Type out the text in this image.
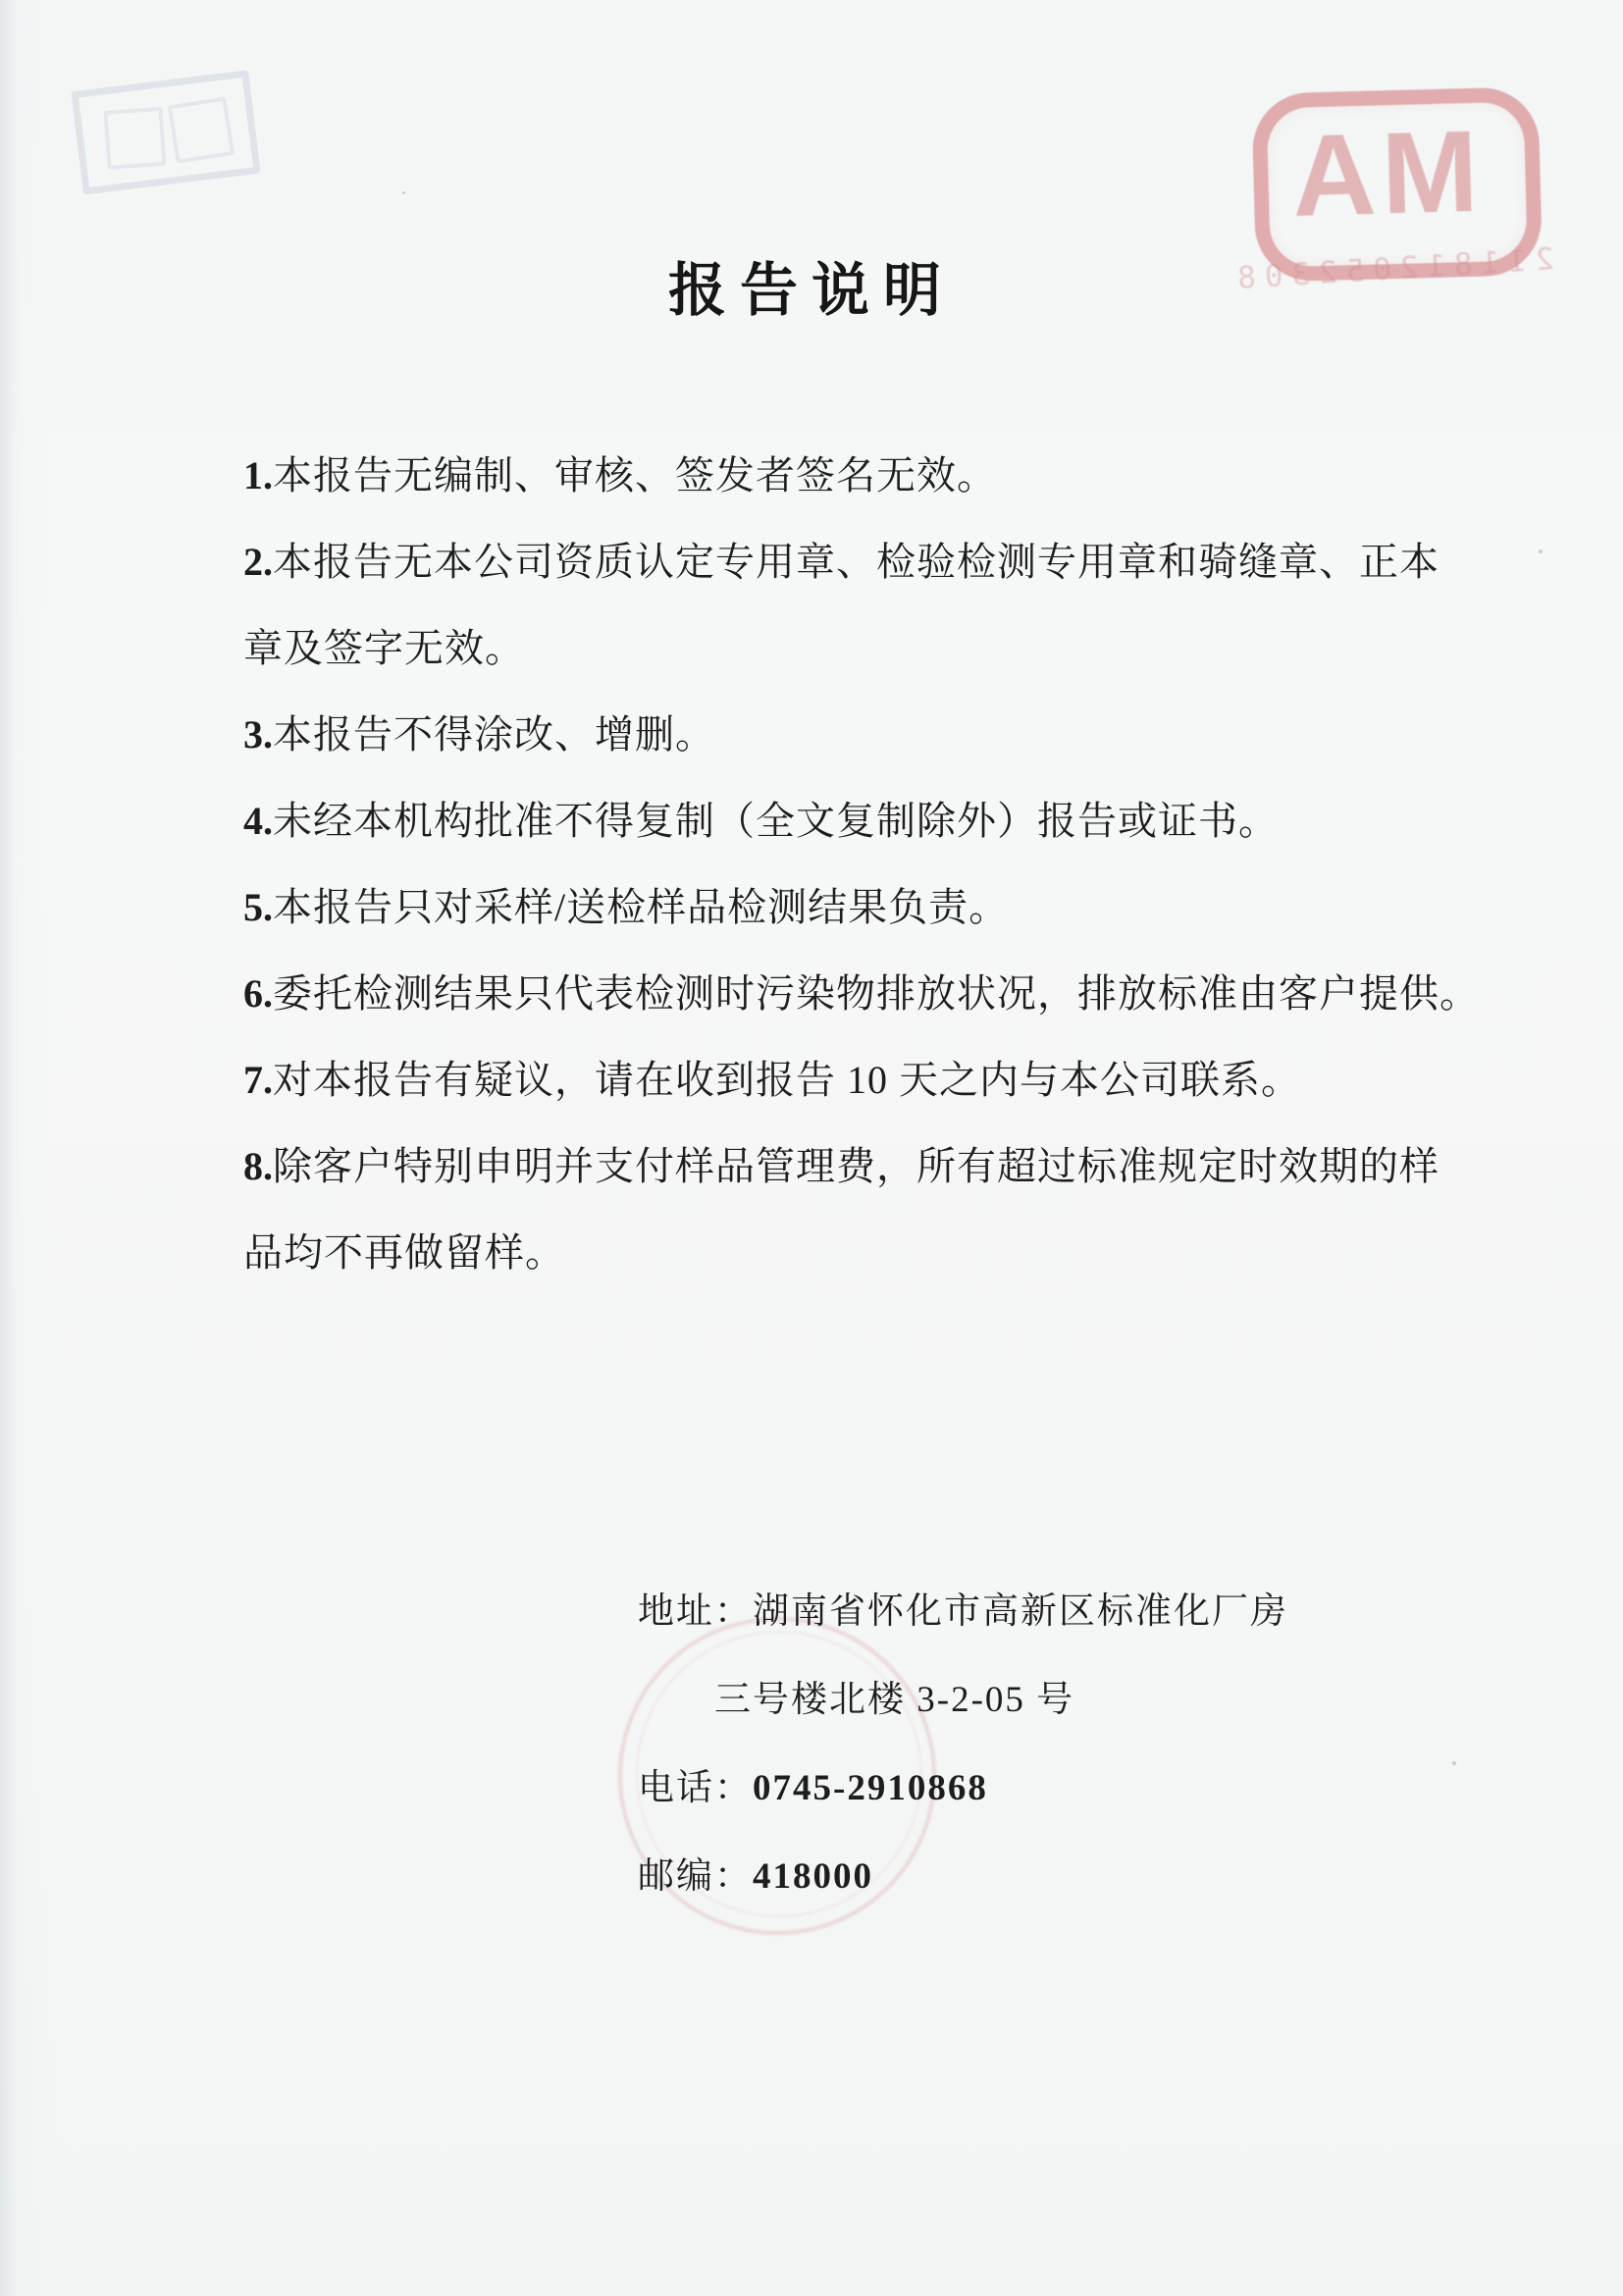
MA
211812052308
报告说明
1.本报告无编制、审核、签发者签名无效。
2.本报告无本公司资质认定专用章、检验检测专用章和骑缝章、正本
章及签字无效。
3.本报告不得涂改、增删。
4.未经本机构批准不得复制（全文复制除外）报告或证书。
5.本报告只对采样/送检样品检测结果负责。
6.委托检测结果只代表检测时污染物排放状况，排放标准由客户提供。
7.对本报告有疑议，请在收到报告 10 天之内与本公司联系。
8.除客户特别申明并支付样品管理费，所有超过标准规定时效期的样
品均不再做留样。
地址：湖南省怀化市高新区标准化厂房
三号楼北楼 3-2-05 号
电话：0745-2910868
邮编：418000
